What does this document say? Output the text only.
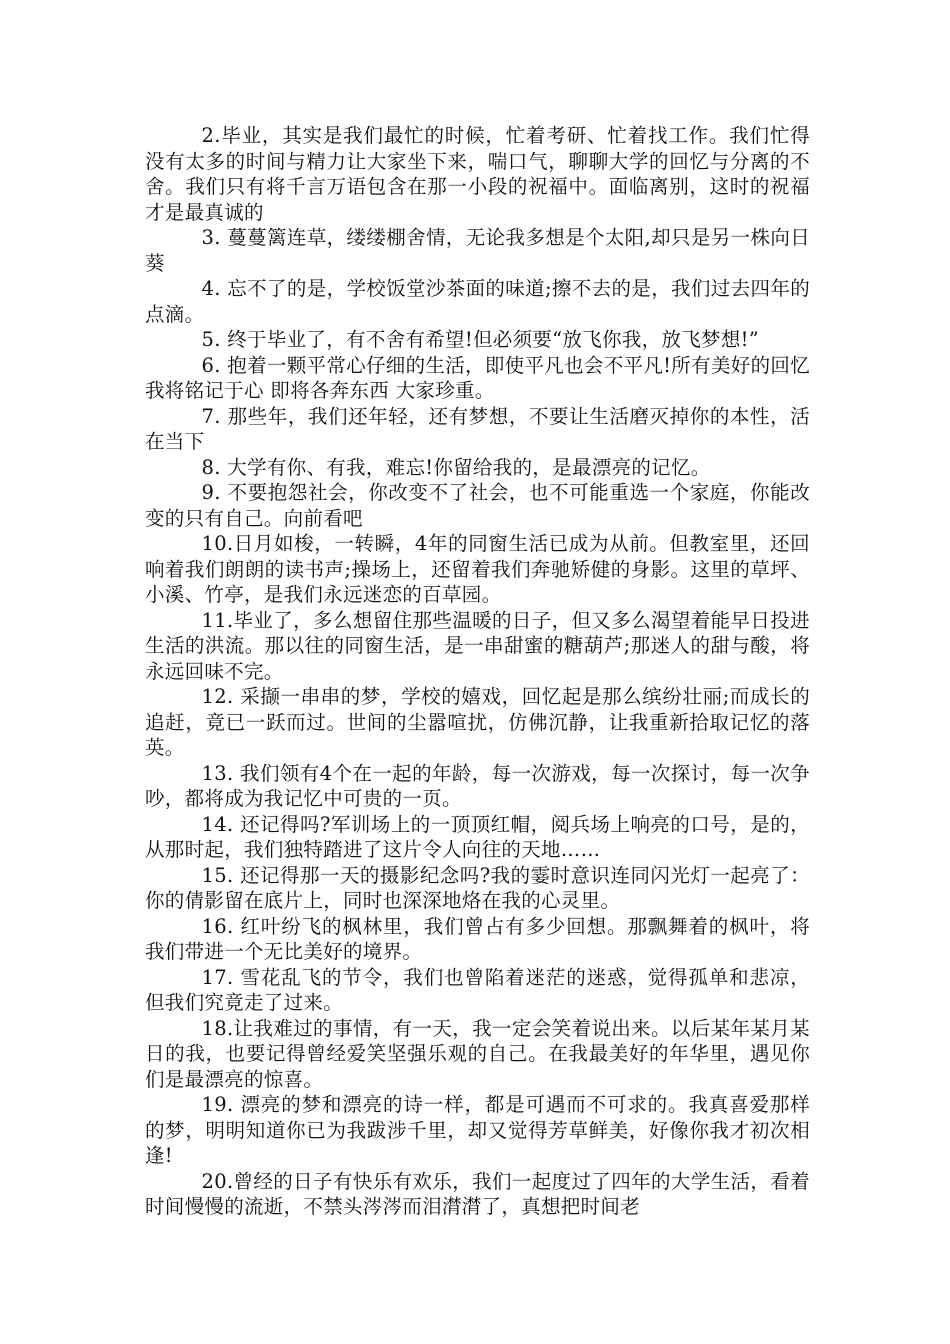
2.毕业，其实是我们最忙的时候，忙着考研、忙着找工作。我们忙得没有太多的时间与精力让大家坐下来，喘口气，聊聊大学的回忆与分离的不舍。我们只有将千言万语包含在那一小段的祝福中。面临离别，这时的祝福才是最真诚的

3. 蔓蔓篱连草，缕缕棚舍情，无论我多想是个太阳,却只是另一株向日葵

4. 忘不了的是，学校饭堂沙茶面的味道;擦不去的是，我们过去四年的点滴。

5. 终于毕业了，有不舍有希望!但必须要“放飞你我，放飞梦想!”

6. 抱着一颗平常心仔细的生活，即使平凡也会不平凡!所有美好的回忆 我将铭记于心 即将各奔东西 大家珍重。

7. 那些年，我们还年轻，还有梦想，不要让生活磨灭掉你的本性，活在当下

8. 大学有你、有我，难忘!你留给我的，是最漂亮的记忆。

9. 不要抱怨社会，你改变不了社会，也不可能重选一个家庭，你能改变的只有自己。向前看吧

10.日月如梭，一转瞬，4年的同窗生活已成为从前。但教室里，还回响着我们朗朗的读书声;操场上，还留着我们奔驰矫健的身影。这里的草坪、小溪、竹亭，是我们永远迷恋的百草园。

11.毕业了，多么想留住那些温暖的日子，但又多么渴望着能早日投进生活的洪流。那以往的同窗生活，是一串甜蜜的糖葫芦;那迷人的甜与酸，将永远回味不完。

12. 采撷一串串的梦，学校的嬉戏，回忆起是那么缤纷壮丽;而成长的追赶，竟已一跃而过。世间的尘嚣喧扰，仿佛沉静，让我重新拾取记忆的落英。

13. 我们领有4个在一起的年龄，每一次游戏，每一次探讨，每一次争吵，都将成为我记忆中可贵的一页。

14. 还记得吗?军训场上的一顶顶红帽，阅兵场上响亮的口号，是的，从那时起，我们独特踏进了这片令人向往的天地……

15. 还记得那一天的摄影纪念吗?我的霎时意识连同闪光灯一起亮了：你的倩影留在底片上，同时也深深地烙在我的心灵里。

16. 红叶纷飞的枫林里，我们曾占有多少回想。那飘舞着的枫叶，将我们带进一个无比美好的境界。

17. 雪花乱飞的节令，我们也曾陷着迷茫的迷惑，觉得孤单和悲凉，但我们究竟走了过来。

18.让我难过的事情，有一天，我一定会笑着说出来。以后某年某月某日的我，也要记得曾经爱笑坚强乐观的自己。在我最美好的年华里，遇见你们是最漂亮的惊喜。

19. 漂亮的梦和漂亮的诗一样，都是可遇而不可求的。我真喜爱那样的梦，明明知道你已为我跋涉千里，却又觉得芳草鲜美，好像你我才初次相逢!

20.曾经的日子有快乐有欢乐，我们一起度过了四年的大学生活，看着时间慢慢的流逝，不禁头涔涔而泪潸潸了，真想把时间老
